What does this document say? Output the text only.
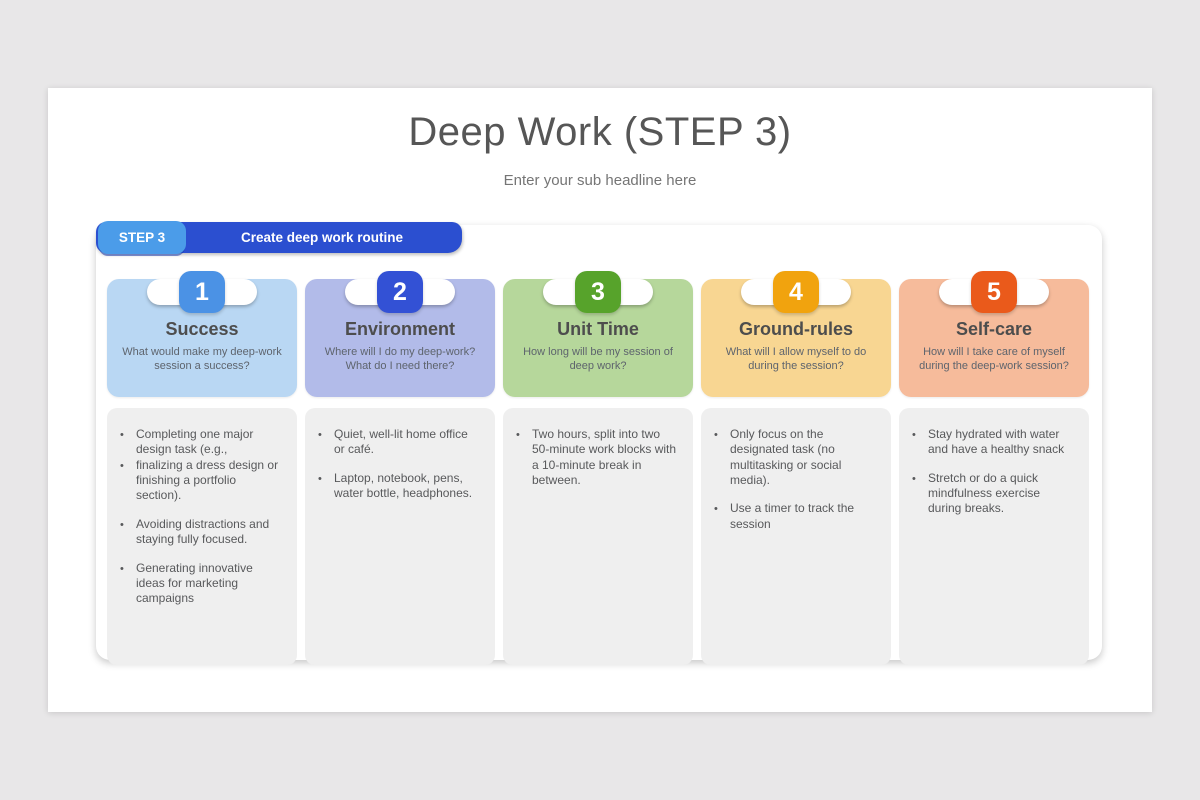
Deep Work (STEP 3)
Enter your sub headline here
1
Success
What would make my deep-work session a success?
•	Completing one major design task (e.g.,
•	finalizing a dress design or finishing a portfolio section).
•	Avoiding distractions and staying fully focused.
•	Generating innovative ideas for marketing campaigns
2
Environment
Where will I do my deep-work? What do I need there?
•	Quiet, well-lit home office or café.
•	Laptop, notebook, pens, water bottle, headphones.
3
Unit Time
How long will be my session of deep work?
•	Two hours, split into two 50-minute work blocks with a 10-minute break in between.
4
Ground-rules
What will I allow myself to do during the session?
•	Only focus on the designated task (no multitasking or social media).
•	Use a timer to track the session
5
Self-care
How will I take care of myself during the deep-work session?
•	Stay hydrated with water and have a healthy snack
•	Stretch or do a quick mindfulness exercise during breaks.
Create deep work routine
STEP 3
